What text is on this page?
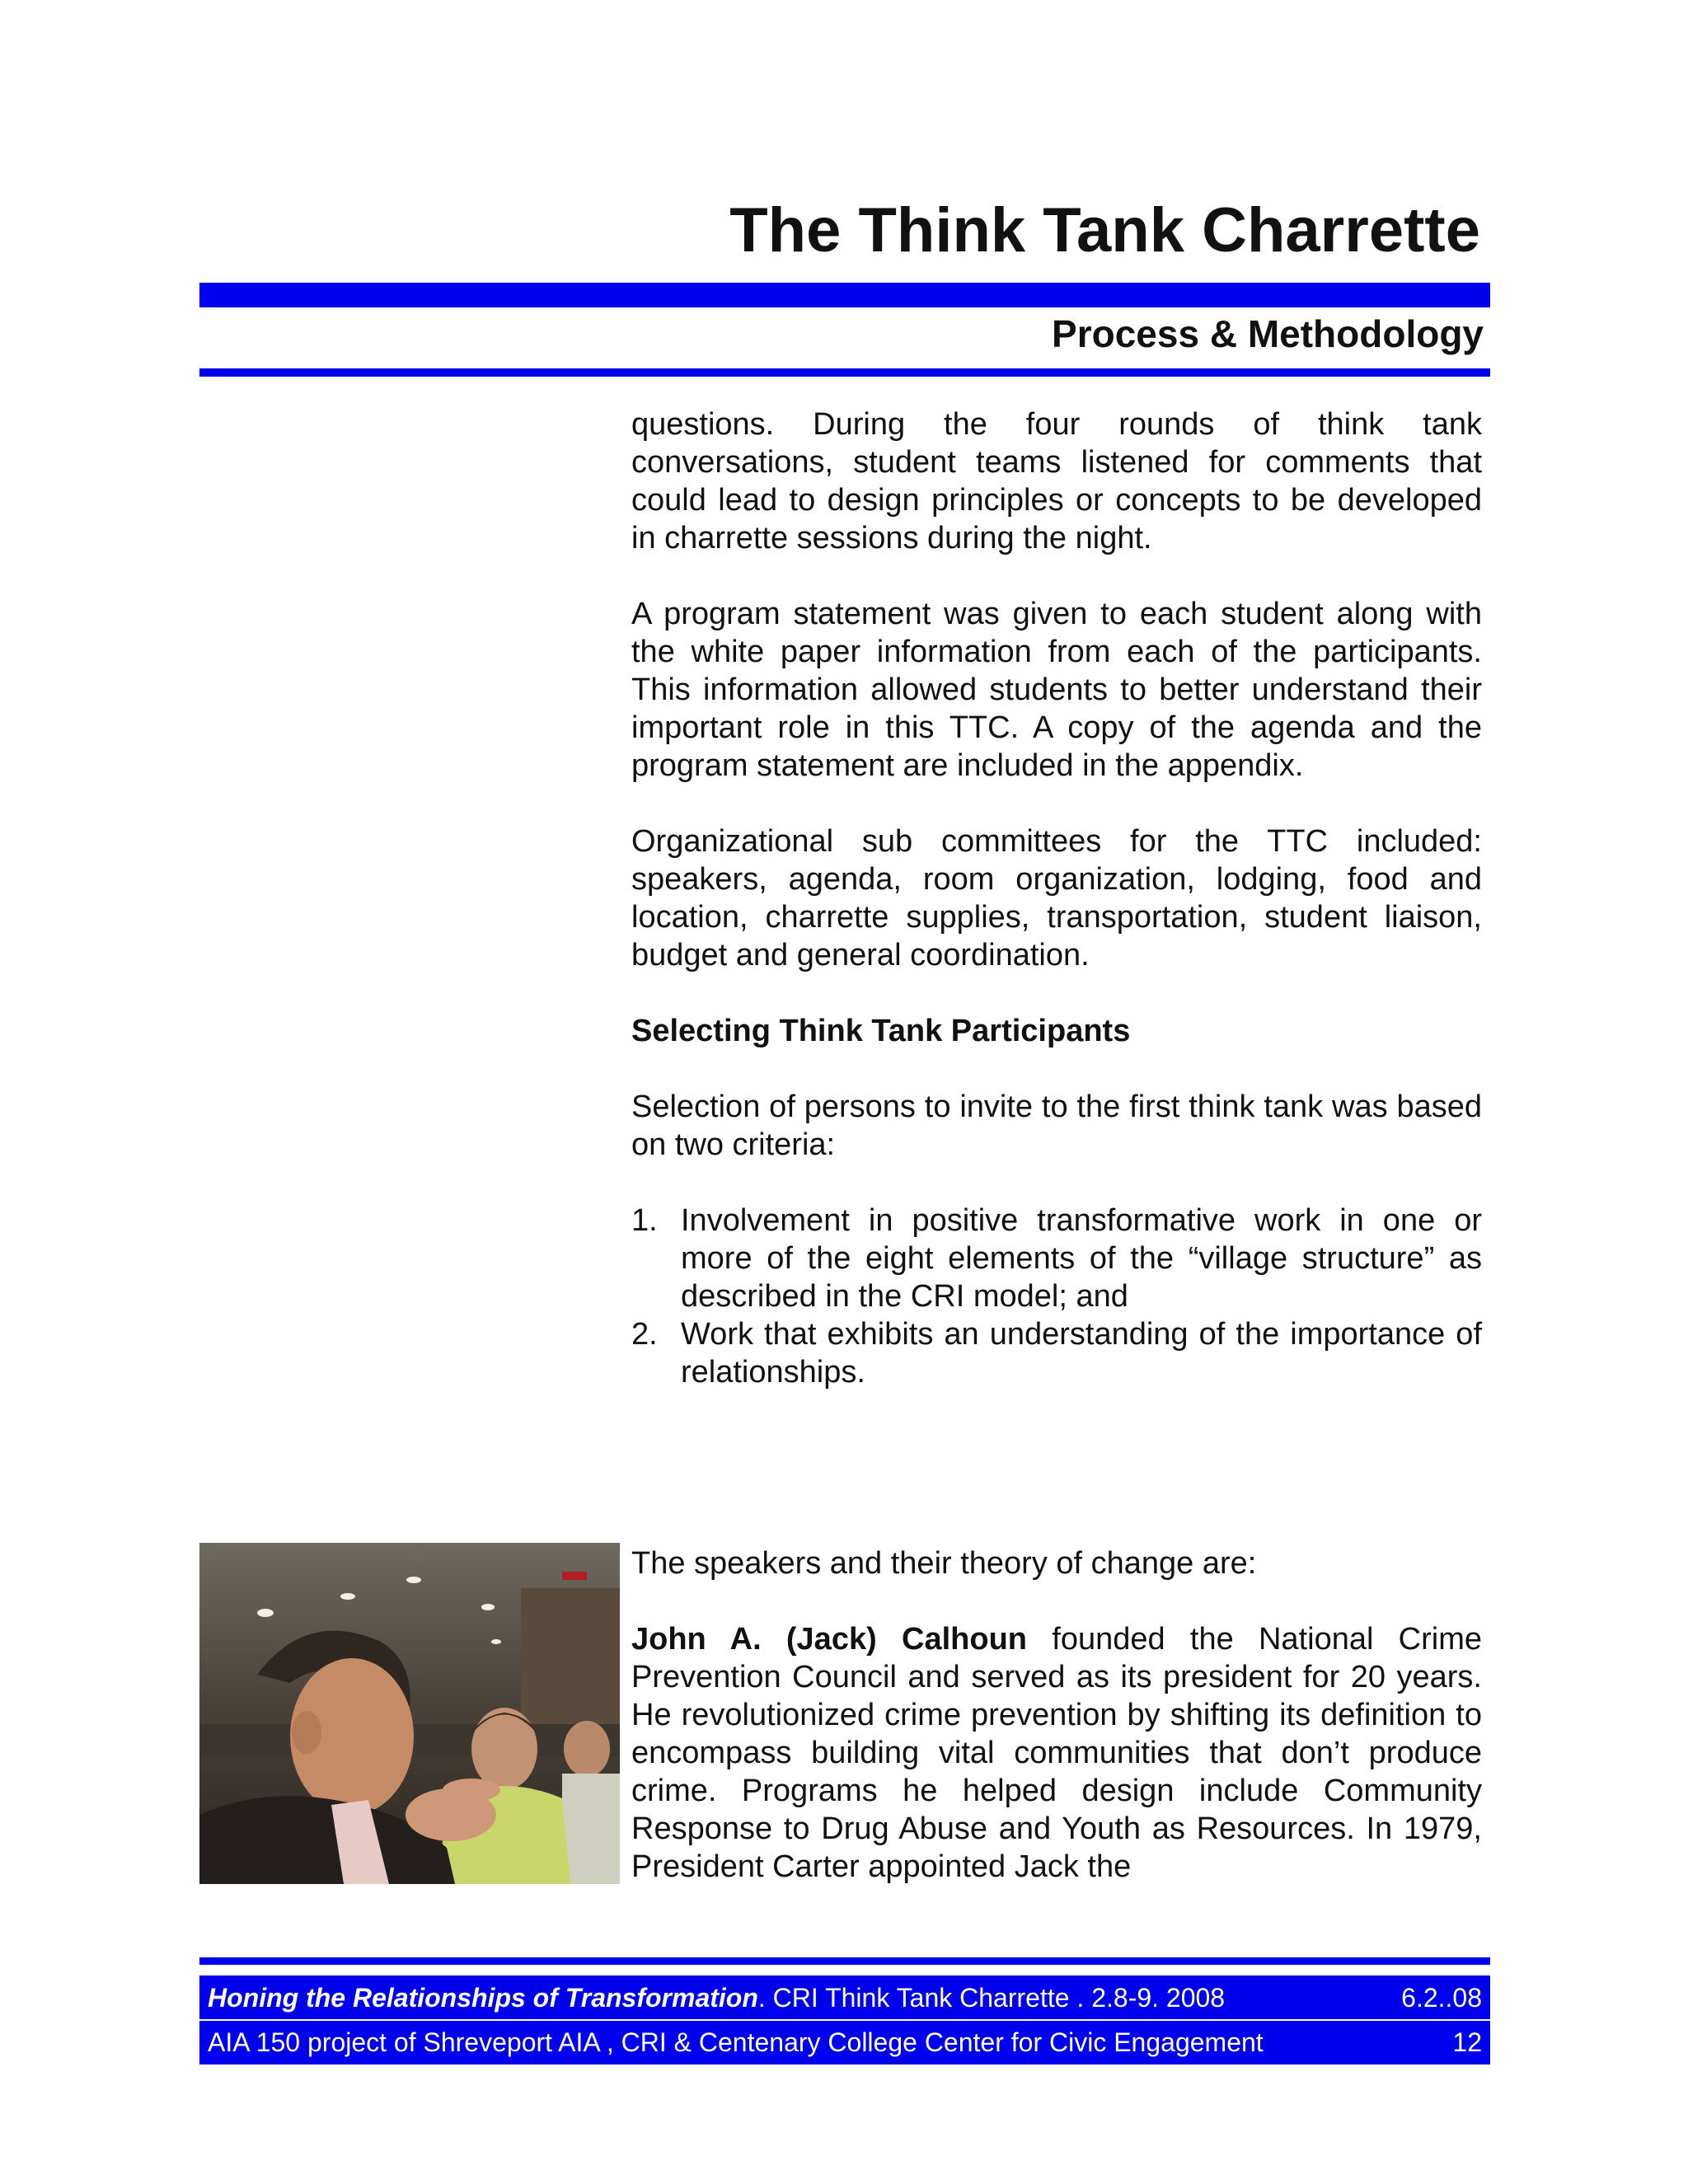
The Think Tank Charrette
Process & Methodology

questions. During the four rounds of think tank conversations, student teams listened for comments that could lead to design principles or concepts to be developed in charrette sessions during the night.

A program statement was given to each student along with the white paper information from each of the participants. This information allowed students to better understand their important role in this TTC. A copy of the agenda and the program statement are included in the appendix.

Organizational sub committees for the TTC included: speakers, agenda, room organization, lodging, food and location, charrette supplies, transportation, student liaison, budget and general coordination.

Selecting Think Tank Participants

Selection of persons to invite to the first think tank was based on two criteria:

1. Involvement in positive transformative work in one or more of the eight elements of the “village structure” as described in the CRI model; and
2. Work that exhibits an understanding of the importance of relationships.

The speakers and their theory of change are:

John A. (Jack) Calhoun founded the National Crime Prevention Council and served as its president for 20 years. He revolutionized crime prevention by shifting its definition to encompass building vital communities that don’t produce crime. Programs he helped design include Community Response to Drug Abuse and Youth as Resources. In 1979, President Carter appointed Jack the

Honing the Relationships of Transformation. CRI Think Tank Charrette . 2.8-9. 2008	6.2..08
AIA 150 project of Shreveport AIA , CRI & Centenary College Center for Civic Engagement	12
